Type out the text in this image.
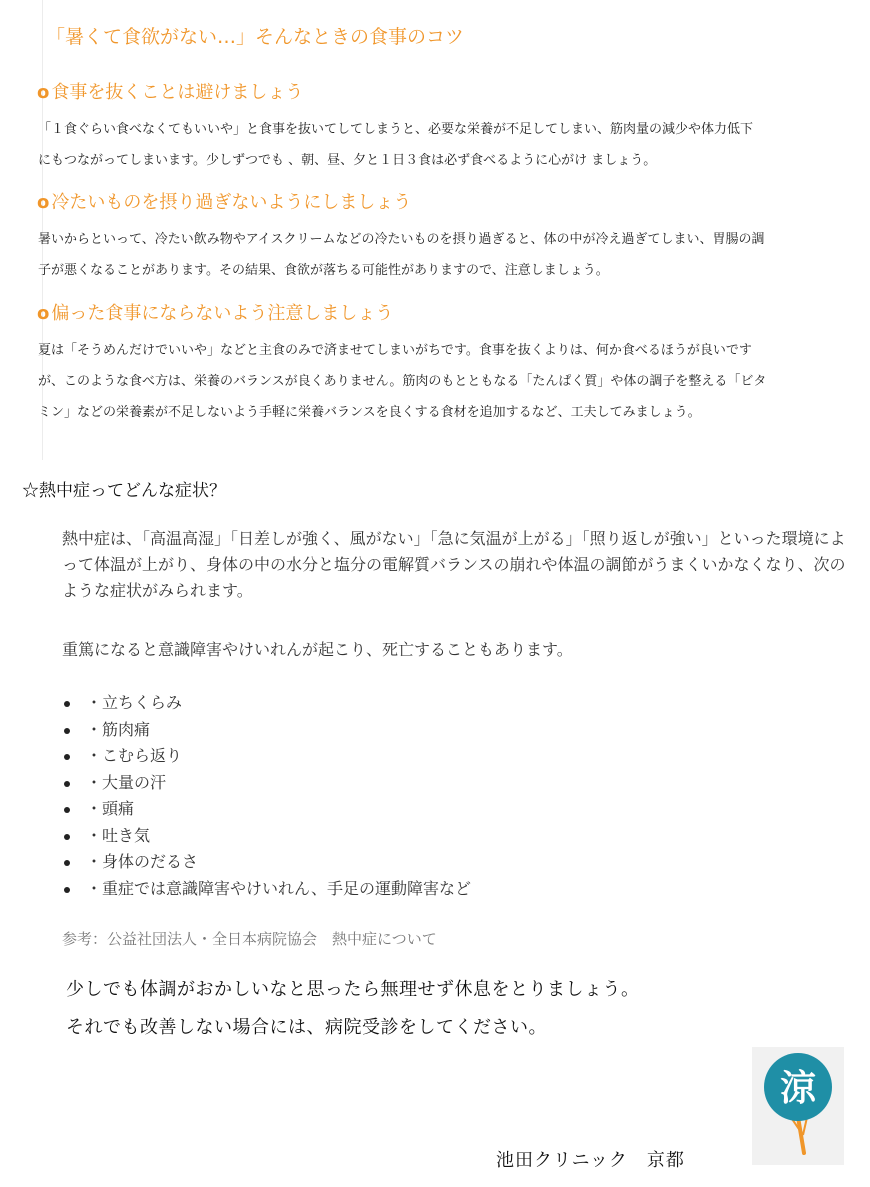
「暑くて食欲がない…」そんなときの食事のコツ
o 食事を抜くことは避けましょう

「１食ぐらい食べなくてもいいや」と食事を抜いてしてしまうと、必要な栄養が不足してしまい、筋肉量の減少や体力低下 にもつながってしまいます。少しずつでも 、朝、昼、夕と１日３食は必ず食べるように心がけ ましょう。

o 冷たいものを摂り過ぎないようにしましょう

暑いからといって、冷たい飲み物やアイスクリームなどの冷たいものを摂り過ぎると、体の中が冷え過ぎてしまい、胃腸の調子が悪くなることがあります。その結果、食欲が落ちる可能性がありますので、注意しましょう。

o 偏った食事にならないよう注意しましょう

夏は「そうめんだけでいいや」などと主食のみで済ませてしまいがちです。食事を抜くよりは、何か食べるほうが良いですが、このような食べ方は、栄養のバランスが良くありません。筋肉のもとともなる「たんぱく質」や体の調子を整える「ビタミン」などの栄養素が不足しないよう手軽に栄養バランスを良くする食材を追加するなど、工夫してみましょう。

☆熱中症ってどんな症状？

熱中症は、「高温高湿」「日差しが強く、風がない」「急に気温が上がる」「照り返しが強い」といった環境によって体温が上がり、身体の中の水分と塩分の電解質バランスの崩れや体温の調節がうまくいかなくなり、次のような症状がみられます。

重篤になると意識障害やけいれんが起こり、死亡することもあります。

・立ちくらみ
・筋肉痛
・こむら返り
・大量の汗
・頭痛
・吐き気
・身体のだるさ
・重症では意識障害やけいれん、手足の運動障害など

参考：公益社団法人・全日本病院協会　熱中症について

少しでも体調がおかしいなと思ったら無理せず休息をとりましょう。

それでも改善しない場合には、病院受診をしてください。

涼

池田クリニック　京都
